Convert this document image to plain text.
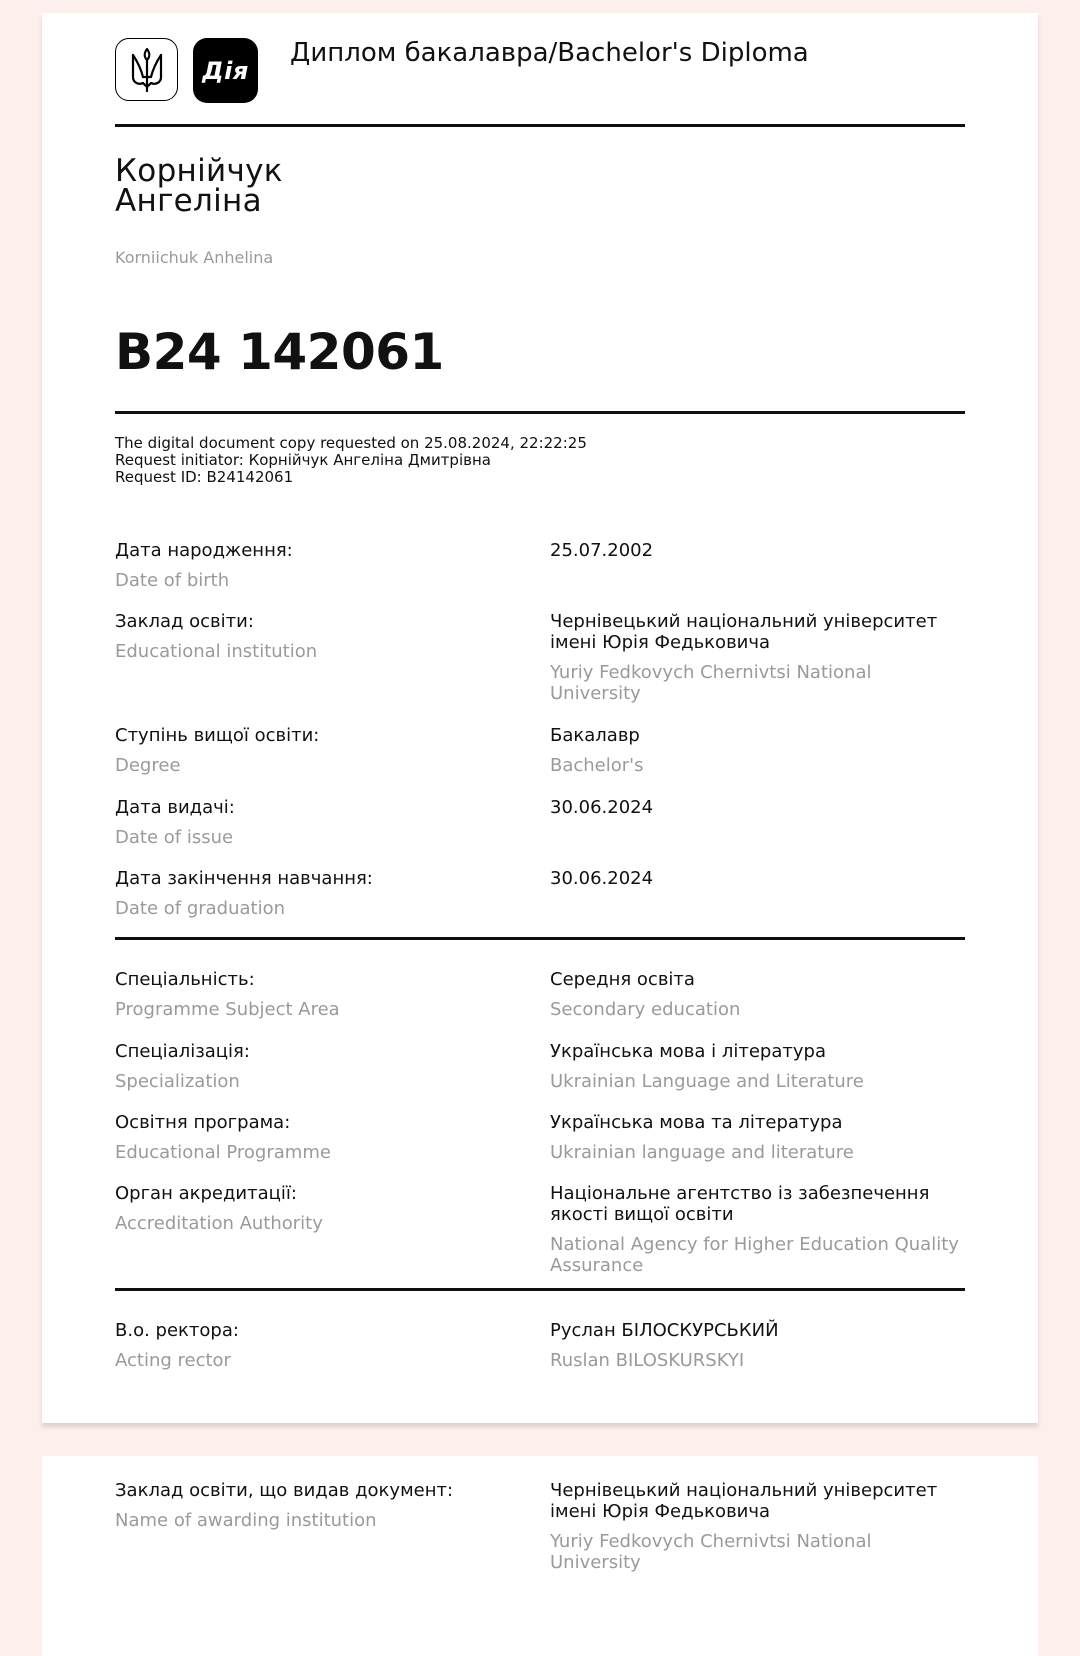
Дія
Диплом бакалавра/Bachelor's Diploma
Корнійчук
Ангеліна
Korniichuk Anhelina
B24 142061
The digital document copy requested on 25.08.2024, 22:22:25
Request initiator: Корнійчук Ангеліна Дмитрівна
Request ID: B24142061
Дата народження:
Date of birth
25.07.2002
Заклад освіти:
Educational institution
Чернівецький національний університет імені Юрія Федьковича
Yuriy Fedkovych Chernivtsi National University
Ступінь вищої освіти:
Degree
Бакалавр
Bachelor's
Дата видачі:
Date of issue
30.06.2024
Дата закінчення навчання:
Date of graduation
30.06.2024
Спеціальність:
Programme Subject Area
Середня освіта
Secondary education
Спеціалізація:
Specialization
Українська мова і література
Ukrainian Language and Literature
Освітня програма:
Educational Programme
Українська мова та література
Ukrainian language and literature
Орган акредитації:
Accreditation Authority
Національне агентство із забезпечення якості вищої освіти
National Agency for Higher Education Quality Assurance
В.о. ректора:
Acting rector
Руслан БІЛОСКУРСЬКИЙ
Ruslan BILOSKURSKYI
Заклад освіти, що видав документ:
Name of awarding institution
Чернівецький національний університет імені Юрія Федьковича
Yuriy Fedkovych Chernivtsi National University
